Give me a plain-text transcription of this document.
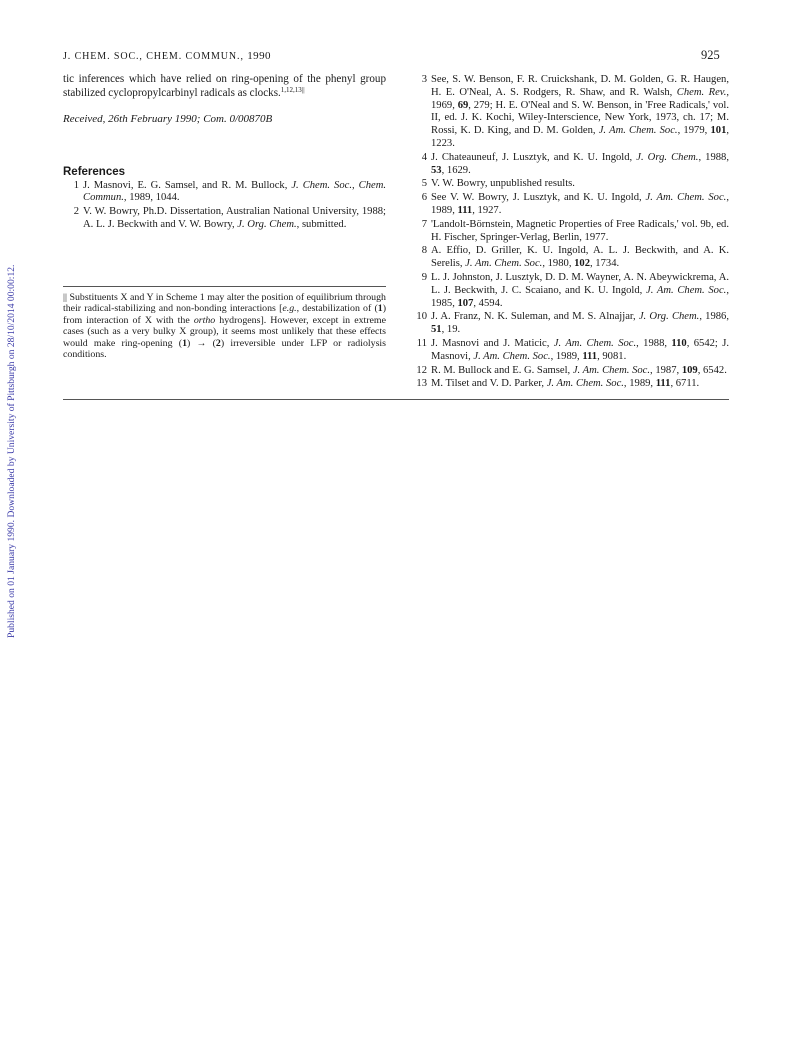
Published on 01 January 1990. Downloaded by University of Pittsburgh on 28/10/2014 00:00:12.
J. CHEM. SOC., CHEM. COMMUN., 1990	925

tic inferences which have relied on ring-opening of the phenyl group stabilized cyclopropylcarbinyl radicals as clocks.$^{1,12,13||}$

Received, 26th February 1990; Com. 0/00870B
References
1 J. Masnovi, E. G. Samsel, and R. M. Bullock, J. Chem. Soc., Chem. Commun., 1989, 1044.
2 V. W. Bowry, Ph.D. Dissertation, Australian National University, 1988; A. L. J. Beckwith and V. W. Bowry, J. Org. Chem., submitted.
|| Substituents X and Y in Scheme 1 may alter the position of equilibrium through their radical-stabilizing and non-bonding interactions [e.g., destabilization of (1) from interaction of X with the ortho hydrogens]. However, except in extreme cases (such as a very bulky X group), it seems most unlikely that these effects would make ring-opening (1) → (2) irreversible under LFP or radiolysis conditions.
3 See, S. W. Benson, F. R. Cruickshank, D. M. Golden, G. R. Haugen, H. E. O'Neal, A. S. Rodgers, R. Shaw, and R. Walsh, Chem. Rev., 1969, 69, 279; H. E. O'Neal and S. W. Benson, in 'Free Radicals,' vol. II, ed. J. K. Kochi, Wiley-Interscience, New York, 1973, ch. 17; M. Rossi, K. D. King, and D. M. Golden, J. Am. Chem. Soc., 1979, 101, 1223.
4 J. Chateauneuf, J. Lusztyk, and K. U. Ingold, J. Org. Chem., 1988, 53, 1629.
5 V. W. Bowry, unpublished results.
6 See V. W. Bowry, J. Lusztyk, and K. U. Ingold, J. Am. Chem. Soc., 1989, 111, 1927.
7 'Landolt-Börnstein, Magnetic Properties of Free Radicals,' vol. 9b, ed. H. Fischer, Springer-Verlag, Berlin, 1977.
8 A. Effio, D. Griller, K. U. Ingold, A. L. J. Beckwith, and A. K. Serelis, J. Am. Chem. Soc., 1980, 102, 1734.
9 L. J. Johnston, J. Lusztyk, D. D. M. Wayner, A. N. Abeywickrema, A. L. J. Beckwith, J. C. Scaiano, and K. U. Ingold, J. Am. Chem. Soc., 1985, 107, 4594.
10 J. A. Franz, N. K. Suleman, and M. S. Alnajjar, J. Org. Chem., 1986, 51, 19.
11 J. Masnovi and J. Maticic, J. Am. Chem. Soc., 1988, 110, 6542; J. Masnovi, J. Am. Chem. Soc., 1989, 111, 9081.
12 R. M. Bullock and E. G. Samsel, J. Am. Chem. Soc., 1987, 109, 6542.
13 M. Tilset and V. D. Parker, J. Am. Chem. Soc., 1989, 111, 6711.
